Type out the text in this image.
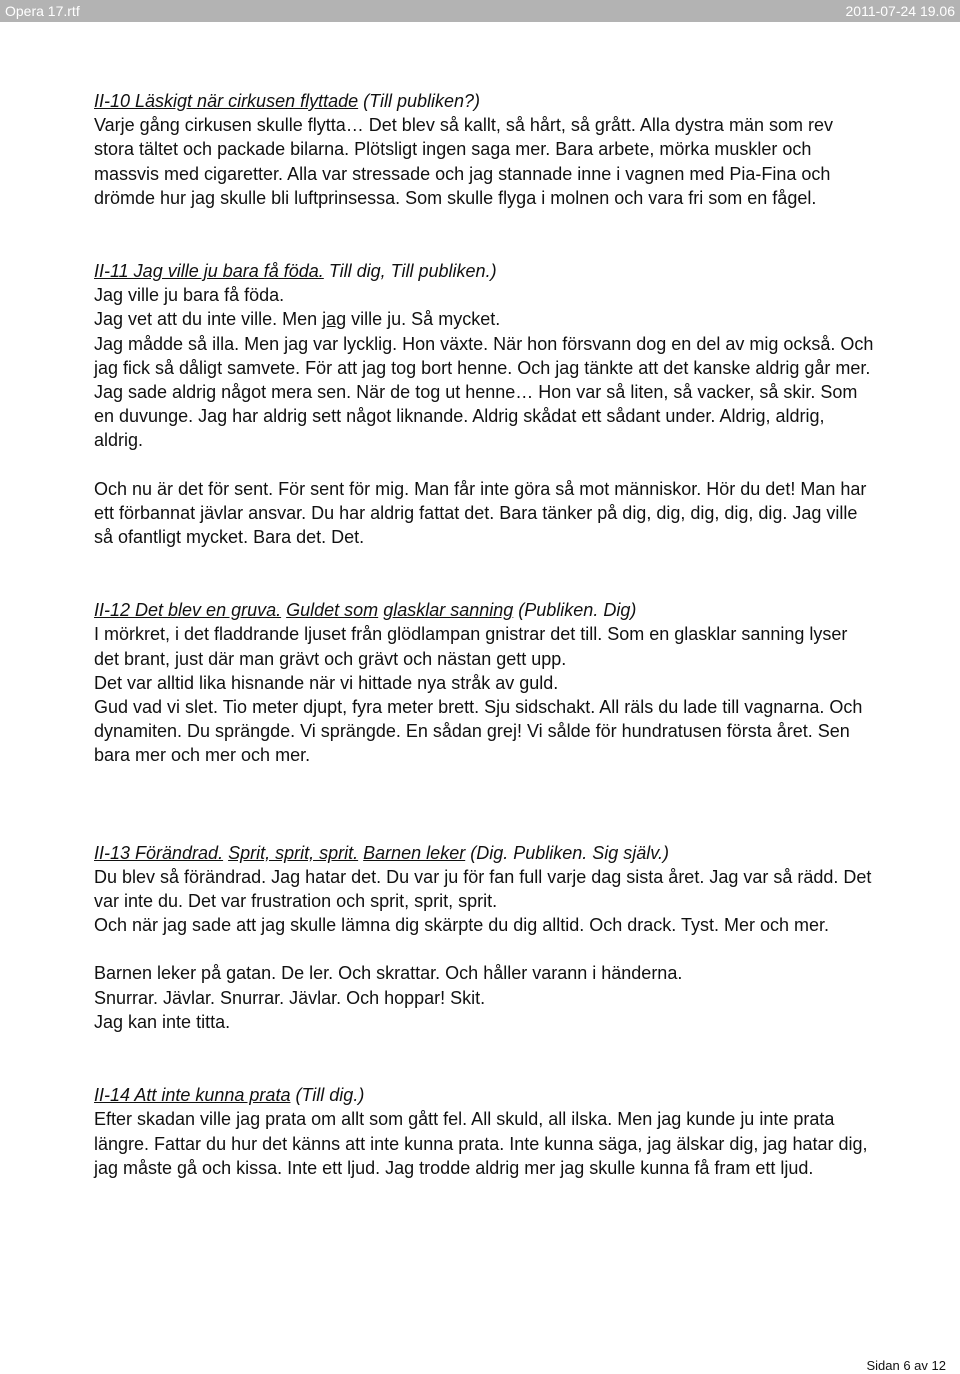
Opera 17.rtf	2011-07-24 19.06

II-10 Läskigt när cirkusen flyttade (Till publiken?)

Varje gång cirkusen skulle flytta… Det blev så kallt, så hårt, så grått. Alla dystra män som rev stora tältet och packade bilarna. Plötsligt ingen saga mer. Bara arbete, mörka muskler och massvis med cigaretter. Alla var stressade och jag stannade inne i vagnen med Pia-Fina och drömde hur jag skulle bli luftprinsessa. Som skulle flyga i molnen och vara fri som en fågel.

II-11 Jag ville ju bara få föda. Till dig, Till publiken.)

Jag ville ju bara få föda.

Jag vet att du inte ville. Men jag ville ju. Så mycket.

Jag mådde så illa. Men jag var lycklig. Hon växte. När hon försvann dog en del av mig också. Och jag fick så dåligt samvete. För att jag tog bort henne. Och jag tänkte att det kanske aldrig går mer. Jag sade aldrig något mera sen. När de tog ut henne… Hon var så liten, så vacker, så skir. Som en duvunge. Jag har aldrig sett något liknande. Aldrig skådat ett sådant under. Aldrig, aldrig, aldrig.

Och nu är det för sent. För sent för mig. Man får inte göra så mot människor. Hör du det! Man har ett förbannat jävlar ansvar. Du har aldrig fattat det. Bara tänker på dig, dig, dig, dig, dig. Jag ville så ofantligt mycket. Bara det. Det.

II-12 Det blev en gruva. Guldet som glasklar sanning (Publiken. Dig)

I mörkret, i det fladdrande ljuset från glödlampan gnistrar det till. Som en glasklar sanning lyser det brant, just där man grävt och grävt och nästan gett upp.

Det var alltid lika hisnande när vi hittade nya stråk av guld.

Gud vad vi slet. Tio meter djupt, fyra meter brett. Sju sidschakt. All räls du lade till vagnarna. Och dynamiten. Du sprängde. Vi sprängde. En sådan grej! Vi sålde för hundratusen första året. Sen bara mer och mer och mer.

II-13 Förändrad. Sprit, sprit, sprit. Barnen leker (Dig. Publiken. Sig själv.)

Du blev så förändrad. Jag hatar det. Du var ju för fan full varje dag sista året. Jag var så rädd. Det var inte du. Det var frustration och sprit, sprit, sprit.

Och när jag sade att jag skulle lämna dig skärpte du dig alltid. Och drack. Tyst. Mer och mer.

Barnen leker på gatan. De ler. Och skrattar. Och håller varann i händerna.

Snurrar. Jävlar. Snurrar. Jävlar. Och hoppar! Skit.

Jag kan inte titta.

II-14 Att inte kunna prata (Till dig.)

Efter skadan ville jag prata om allt som gått fel. All skuld, all ilska. Men jag kunde ju inte prata längre. Fattar du hur det känns att inte kunna prata. Inte kunna säga, jag älskar dig, jag hatar dig, jag måste gå och kissa. Inte ett ljud. Jag trodde aldrig mer jag skulle kunna få fram ett ljud.

Sidan 6 av 12
